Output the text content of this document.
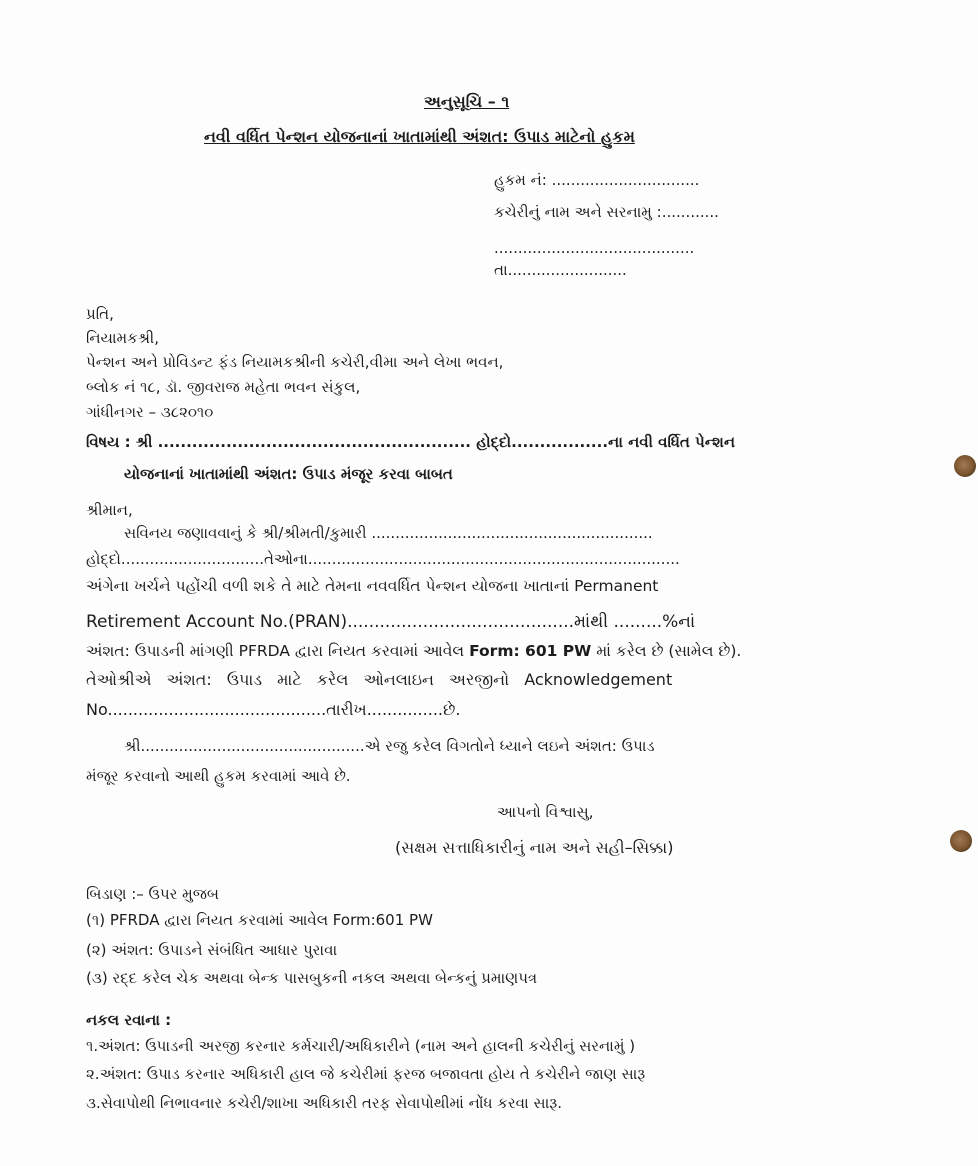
અનુસૂચિ – ૧
નવી વર્ધિત પેન્શન યોજનાનાં ખાતામાંથી અંશત: ઉપાડ માટેનો હુકમ
હુકમ નં: ...............................
કચેરીનું નામ અને સરનામુ :............
..........................................
તા.........................
પ્રતિ,
નિયામકશ્રી,
પેન્શન અને પ્રોવિડન્ટ ફંડ નિયામકશ્રીની કચેરી,વીમા અને લેખા ભવન,
બ્લોક નં ૧૮, ડૉ. જીવરાજ મહેતા ભવન સંકુલ,
ગાંધીનગર – ૩૮૨૦૧૦
વિષય : શ્રી ....................................................... હોદ્દો.................ના નવી વર્ધિત પેન્શન
યોજનાનાં ખાતામાંથી અંશત: ઉપાડ મંજૂર કરવા બાબત
શ્રીમાન,
સવિનય જણાવવાનું કે શ્રી/શ્રીમતી/કુમારી ...........................................................
હોદ્દો..............................તેઓના..............................................................................
અંગેના ખર્ચને પહોંચી વળી શકે તે માટે તેમના નવવર્ધિત પેન્શન યોજના ખાતાનાં Permanent
Retirement Account No.(PRAN)..........................................માંથી .........%નાં
અંશત: ઉપાડની માંગણી PFRDA દ્વારા નિયત કરવામાં આવેલ Form: 601 PW માં કરેલ છે (સામેલ છે).
તેઓશ્રીએ અંશત: ઉપાડ માટે કરેલ ઓનલાઇન અરજીનો Acknowledgement
No...........................................તારીખ...............છે.
શ્રી...............................................એ રજુ કરેલ વિગતોને ધ્યાને લઇને અંશત: ઉપાડ
મંજૂર કરવાનો આથી હુકમ કરવામાં આવે છે.
આપનો વિશ્વાસુ,
(સક્ષમ સત્તાધિકારીનું નામ અને સહી–સિક્કા)
બિડાણ :– ઉપર મુજબ
(૧) PFRDA દ્વારા નિયત કરવામાં આવેલ Form:601 PW
(૨) અંશત: ઉપાડને સંબંધિત આધાર પુરાવા
(૩) રદ્દ કરેલ ચેક અથવા બેન્ક પાસબુકની નકલ અથવા બેન્કનું પ્રમાણપત્ર
નકલ રવાના :
૧.અંશત: ઉપાડની અરજી કરનાર કર્મચારી/અધિકારીને (નામ અને હાલની કચેરીનું સરનામું )
૨.અંશત: ઉપાડ કરનાર અધિકારી હાલ જે કચેરીમાં ફરજ બજાવતા હોય તે કચેરીને જાણ સારૂ
૩.સેવાપોથી નિભાવનાર કચેરી/શાખા અધિકારી તરફ સેવાપોથીમાં નોંધ કરવા સારૂ.
